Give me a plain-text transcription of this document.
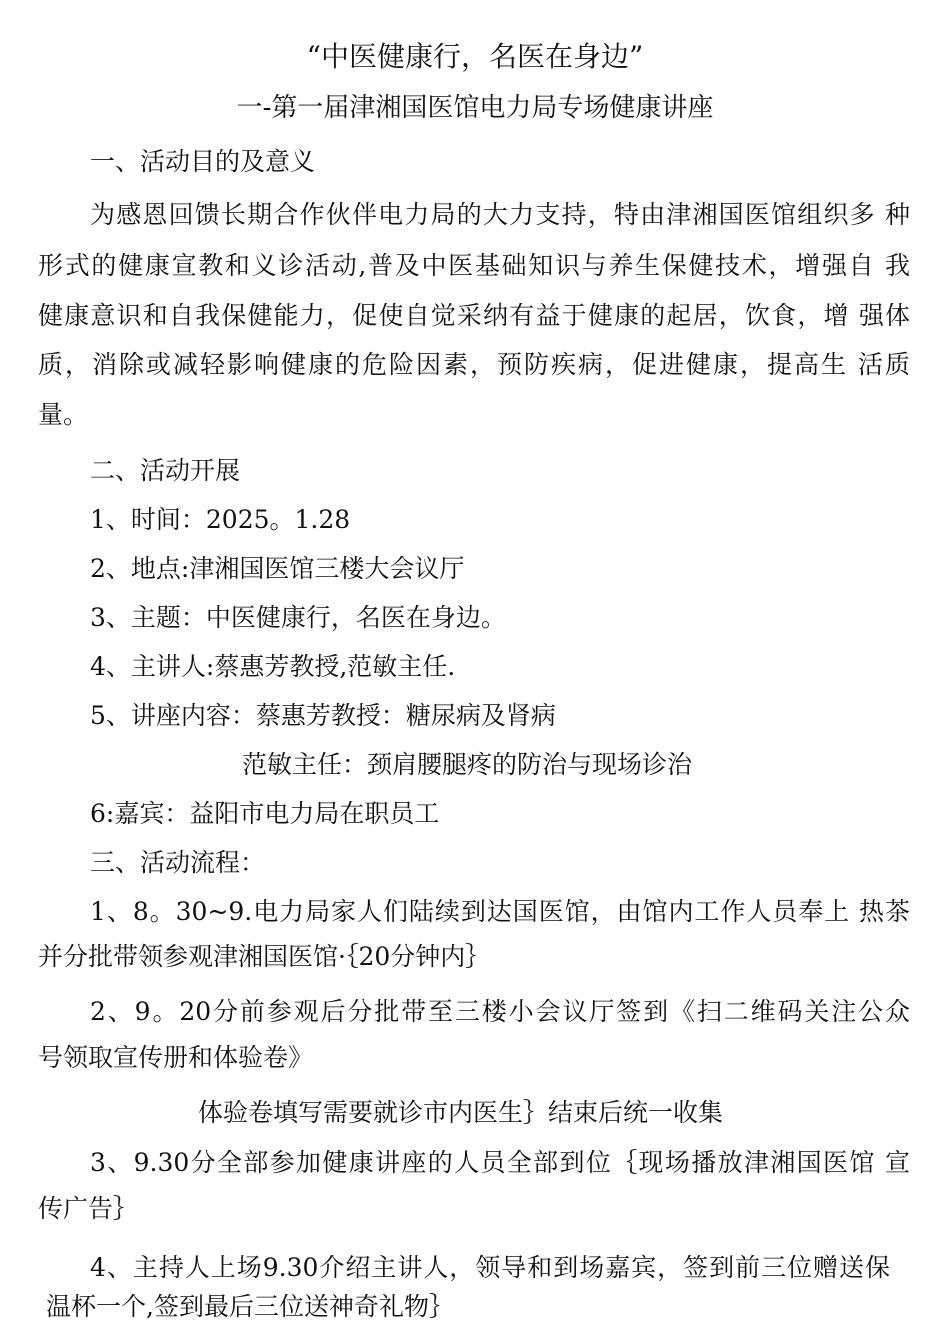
“中医健康行，名医在身边”
一-第一届津湘国医馆电力局专场健康讲座
一、活动目的及意义
为感恩回馈长期合作伙伴电力局的大力支持，特由津湘国医馆组织多 种
形式的健康宣教和义诊活动,普及中医基础知识与养生保健技术，增强自 我
健康意识和自我保健能力，促使自觉采纳有益于健康的起居，饮食，增 强体
质，消除或减轻影响健康的危险因素，预防疾病，促进健康，提高生 活质
量。
二、活动开展
1、时间：2025。1.28
2、地点:津湘国医馆三楼大会议厅
3、主题：中医健康行，名医在身边。
4、主讲人:蔡惠芳教授,范敏主任.
5、讲座内容：蔡惠芳教授：糖尿病及肾病
范敏主任：颈肩腰腿疼的防治与现场诊治
6:嘉宾：益阳市电力局在职员工
三、活动流程：
1、8。30~9.电力局家人们陆续到达国医馆，由馆内工作人员奉上 热茶
并分批带领参观津湘国医馆·｛20分钟内｝
2、9。20分前参观后分批带至三楼小会议厅签到《扫二维码关注公众
号领取宣传册和体验卷》
体验卷填写需要就诊市内医生｝结束后统一收集
3、9.30分全部参加健康讲座的人员全部到位｛现场播放津湘国医馆 宣
传广告｝
4、主持人上场9.30介绍主讲人，领导和到场嘉宾，签到前三位赠送保
温杯一个,签到最后三位送神奇礼物｝
